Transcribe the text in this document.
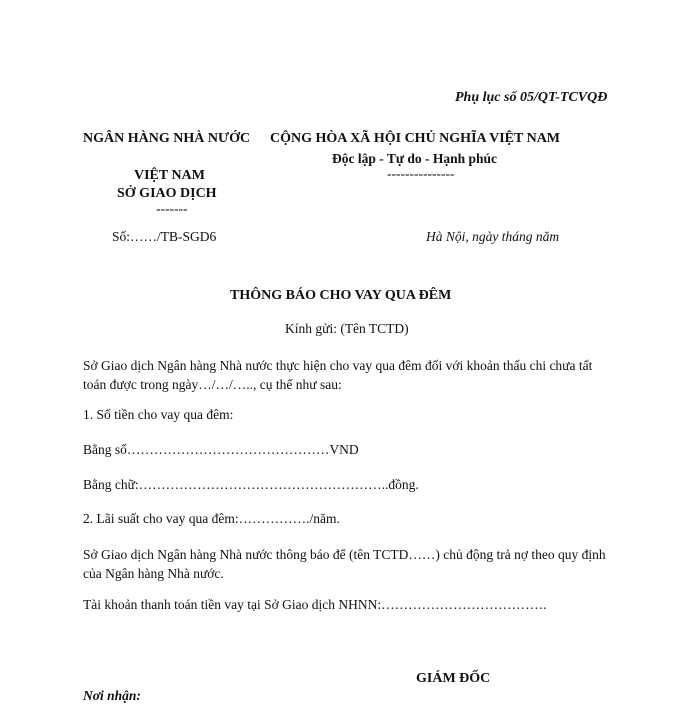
Phụ lục số 05/QT-TCVQĐ
NGÂN HÀNG NHÀ NƯỚC CỘNG HÒA XÃ HỘI CHỦ NGHĨA VIỆT NAM
Độc lập - Tự do - Hạnh phúc
---------------
VIỆT NAM
SỞ GIAO DỊCH
-------
Số:……/TB-SGD6	Hà Nội, ngày tháng năm
THÔNG BÁO CHO VAY QUA ĐÊM
Kính gửi: (Tên TCTD)
Sở Giao dịch Ngân hàng Nhà nước thực hiện cho vay qua đêm đối với khoản thấu chi chưa tất toán được trong ngày…/…/….., cụ thể như sau:
1. Số tiền cho vay qua đêm:
Bằng số………………………………………VND
Bằng chữ:………………………………………………..đồng.
2. Lãi suất cho vay qua đêm:……………./năm.
Sở Giao dịch Ngân hàng Nhà nước thông báo để (tên TCTD……) chủ động trả nợ theo quy định của Ngân hàng Nhà nước.
Tài khoản thanh toán tiền vay tại Sở Giao dịch NHNN:……………………………….
GIÁM ĐỐC
Nơi nhận:
